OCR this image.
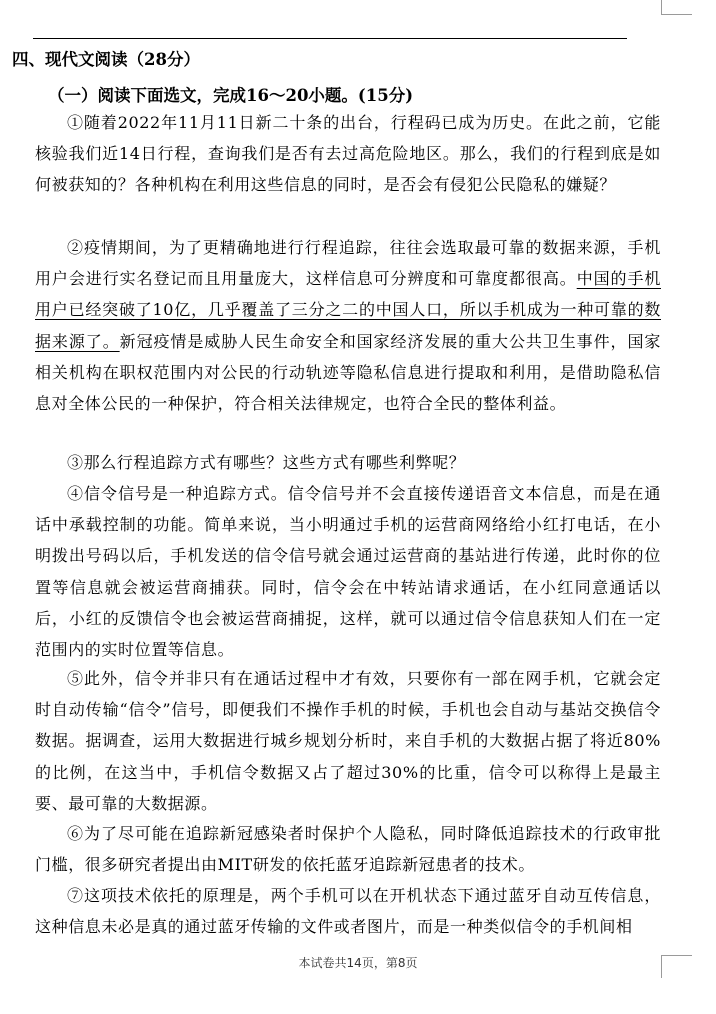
四、现代文阅读（28分）
（一）阅读下面选文，完成16～20小题。(15分)

①随着2022年11月11日新二十条的出台，行程码已成为历史。在此之前，它能核验我们近14日行程，查询我们是否有去过高危险地区。那么，我们的行程到底是如何被获知的？各种机构在利用这些信息的同时，是否会有侵犯公民隐私的嫌疑？

②疫情期间，为了更精确地进行行程追踪，往往会选取最可靠的数据来源，手机用户会进行实名登记而且用量庞大，这样信息可分辨度和可靠度都很高。中国的手机用户已经突破了10亿，几乎覆盖了三分之二的中国人口，所以手机成为一种可靠的数据来源了。新冠疫情是威胁人民生命安全和国家经济发展的重大公共卫生事件，国家相关机构在职权范围内对公民的行动轨迹等隐私信息进行提取和利用，是借助隐私信息对全体公民的一种保护，符合相关法律规定，也符合全民的整体利益。

③那么行程追踪方式有哪些？这些方式有哪些利弊呢？

④信令信号是一种追踪方式。信令信号并不会直接传递语音文本信息，而是在通话中承载控制的功能。简单来说，当小明通过手机的运营商网络给小红打电话，在小明拨出号码以后，手机发送的信令信号就会通过运营商的基站进行传递，此时你的位置等信息就会被运营商捕获。同时，信令会在中转站请求通话，在小红同意通话以后，小红的反馈信令也会被运营商捕捉，这样，就可以通过信令信息获知人们在一定范围内的实时位置等信息。

⑤此外，信令并非只有在通话过程中才有效，只要你有一部在网手机，它就会定时自动传输“信令”信号，即便我们不操作手机的时候，手机也会自动与基站交换信令数据。据调查，运用大数据进行城乡规划分析时，来自手机的大数据占据了将近80%的比例，在这当中，手机信令数据又占了超过30%的比重，信令可以称得上是最主要、最可靠的大数据源。

⑥为了尽可能在追踪新冠感染者时保护个人隐私，同时降低追踪技术的行政审批门槛，很多研究者提出由MIT研发的依托蓝牙追踪新冠患者的技术。

⑦这项技术依托的原理是，两个手机可以在开机状态下通过蓝牙自动互传信息，这种信息未必是真的通过蓝牙传输的文件或者图片，而是一种类似信令的手机间相

本试卷共14页，第8页
